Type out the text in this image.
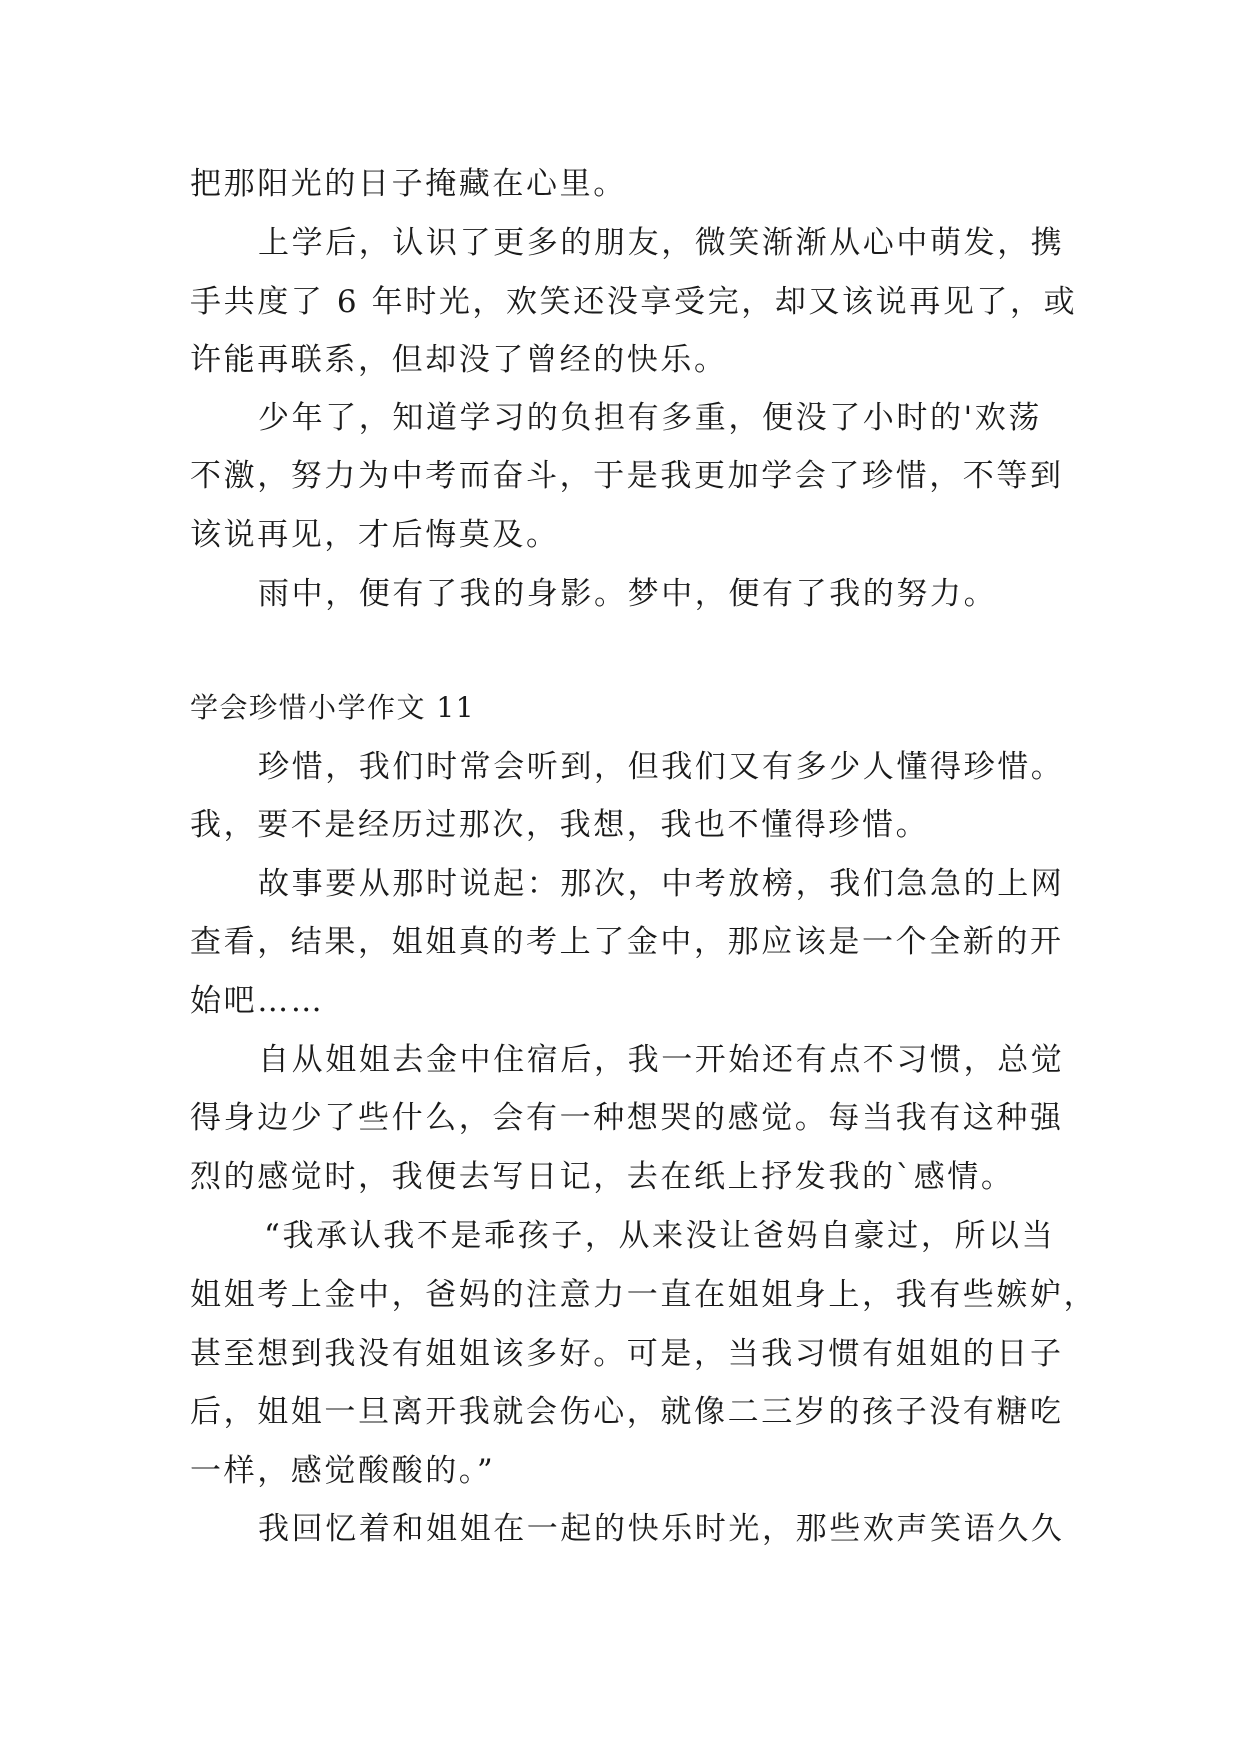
把那阳光的日子掩藏在心里。
上学后，认识了更多的朋友，微笑渐渐从心中萌发，携
手共度了 6 年时光，欢笑还没享受完，却又该说再见了，或
许能再联系，但却没了曾经的快乐。
少年了，知道学习的负担有多重，便没了小时的'欢荡
不激，努力为中考而奋斗，于是我更加学会了珍惜，不等到
该说再见，才后悔莫及。
雨中，便有了我的身影。梦中，便有了我的努力。
学会珍惜小学作文 11
珍惜，我们时常会听到，但我们又有多少人懂得珍惜。
我，要不是经历过那次，我想，我也不懂得珍惜。
故事要从那时说起：那次，中考放榜，我们急急的上网
查看，结果，姐姐真的考上了金中，那应该是一个全新的开
始吧……
自从姐姐去金中住宿后，我一开始还有点不习惯，总觉
得身边少了些什么，会有一种想哭的感觉。每当我有这种强
烈的感觉时，我便去写日记，去在纸上抒发我的`感情。
“我承认我不是乖孩子，从来没让爸妈自豪过，所以当
姐姐考上金中，爸妈的注意力一直在姐姐身上，我有些嫉妒，
甚至想到我没有姐姐该多好。可是，当我习惯有姐姐的日子
后，姐姐一旦离开我就会伤心，就像二三岁的孩子没有糖吃
一样，感觉酸酸的。”
我回忆着和姐姐在一起的快乐时光，那些欢声笑语久久
